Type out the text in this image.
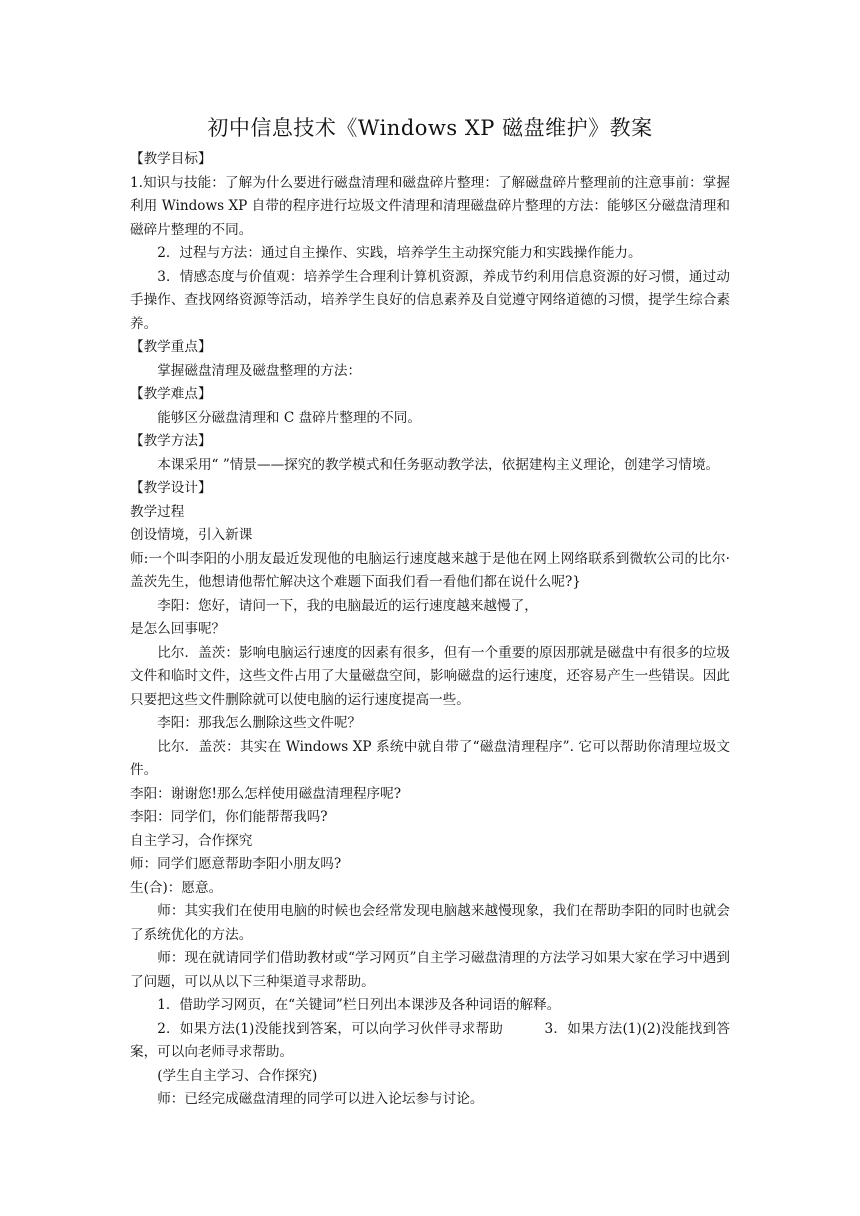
初中信息技术《Windows XP 磁盘维护》教案

【教学目标】

1.知识与技能：了解为什么要进行磁盘清理和磁盘碎片整理：了解磁盘碎片整理前的注意事前：掌握利用 Windows XP 自带的程序进行垃圾文件清理和清理磁盘碎片整理的方法：能够区分磁盘清理和磁碎片整理的不同。

2．过程与方法：通过自主操作、实践，培养学生主动探究能力和实践操作能力。

3．情感态度与价值观：培养学生合理利计算机资源，养成节约利用信息资源的好习惯，通过动手操作、查找网络资源等活动，培养学生良好的信息素养及自觉遵守网络道德的习惯，提学生综合素养。

【教学重点】

掌握磁盘清理及磁盘整理的方法：

【教学难点】

能够区分磁盘清理和 C 盘碎片整理的不同。

【教学方法】

本课采用“ ”情景——探究的教学模式和任务驱动教学法，依据建构主义理论，创建学习情境。

【教学设计】

教学过程

创设情境，引入新课

师:一个叫李阳的小朋友最近发现他的电脑运行速度越来越于是他在网上网络联系到微软公司的比尔·盖茨先生，他想请他帮忙解决这个难题下面我们看一看他们都在说什么呢?}

李阳：您好，请问一下，我的电脑最近的运行速度越来越慢了，

是怎么回事呢？

比尔．盖茨：影响电脑运行速度的因素有很多，但有一个重要的原因那就是磁盘中有很多的垃圾文件和临时文件，这些文件占用了大量磁盘空间，影响磁盘的运行速度，还容易产生一些错误。因此只要把这些文件删除就可以使电脑的运行速度提高一些。

李阳：那我怎么删除这些文件呢？

比尔．盖茨：其实在 Windows XP 系统中就自带了“磁盘清理程序”. 它可以帮助你清理垃圾文件。

李阳：谢谢您!那么怎样使用磁盘清理程序呢?

李阳：同学们，你们能帮帮我吗?

自主学习，合作探究

师：同学们愿意帮助李阳小朋友吗?

生(合)：愿意。

师：其实我们在使用电脑的时候也会经常发现电脑越来越慢现象，我们在帮助李阳的同时也就会了系统优化的方法。

师：现在就请同学们借助教材或“学习网页”自主学习磁盘清理的方法学习如果大家在学习中遇到了问题，可以从以下三种渠道寻求帮助。

1．借助学习网页，在“关键词”栏日列出本课涉及各种词语的解释。

2．如果方法(1)没能找到答案，可以向学习伙伴寻求帮助　　　3．如果方法(1)(2)没能找到答案，可以向老师寻求帮助。

(学生自主学习、合作探究)

师：已经完成磁盘清理的同学可以进入论坛参与讨论。
